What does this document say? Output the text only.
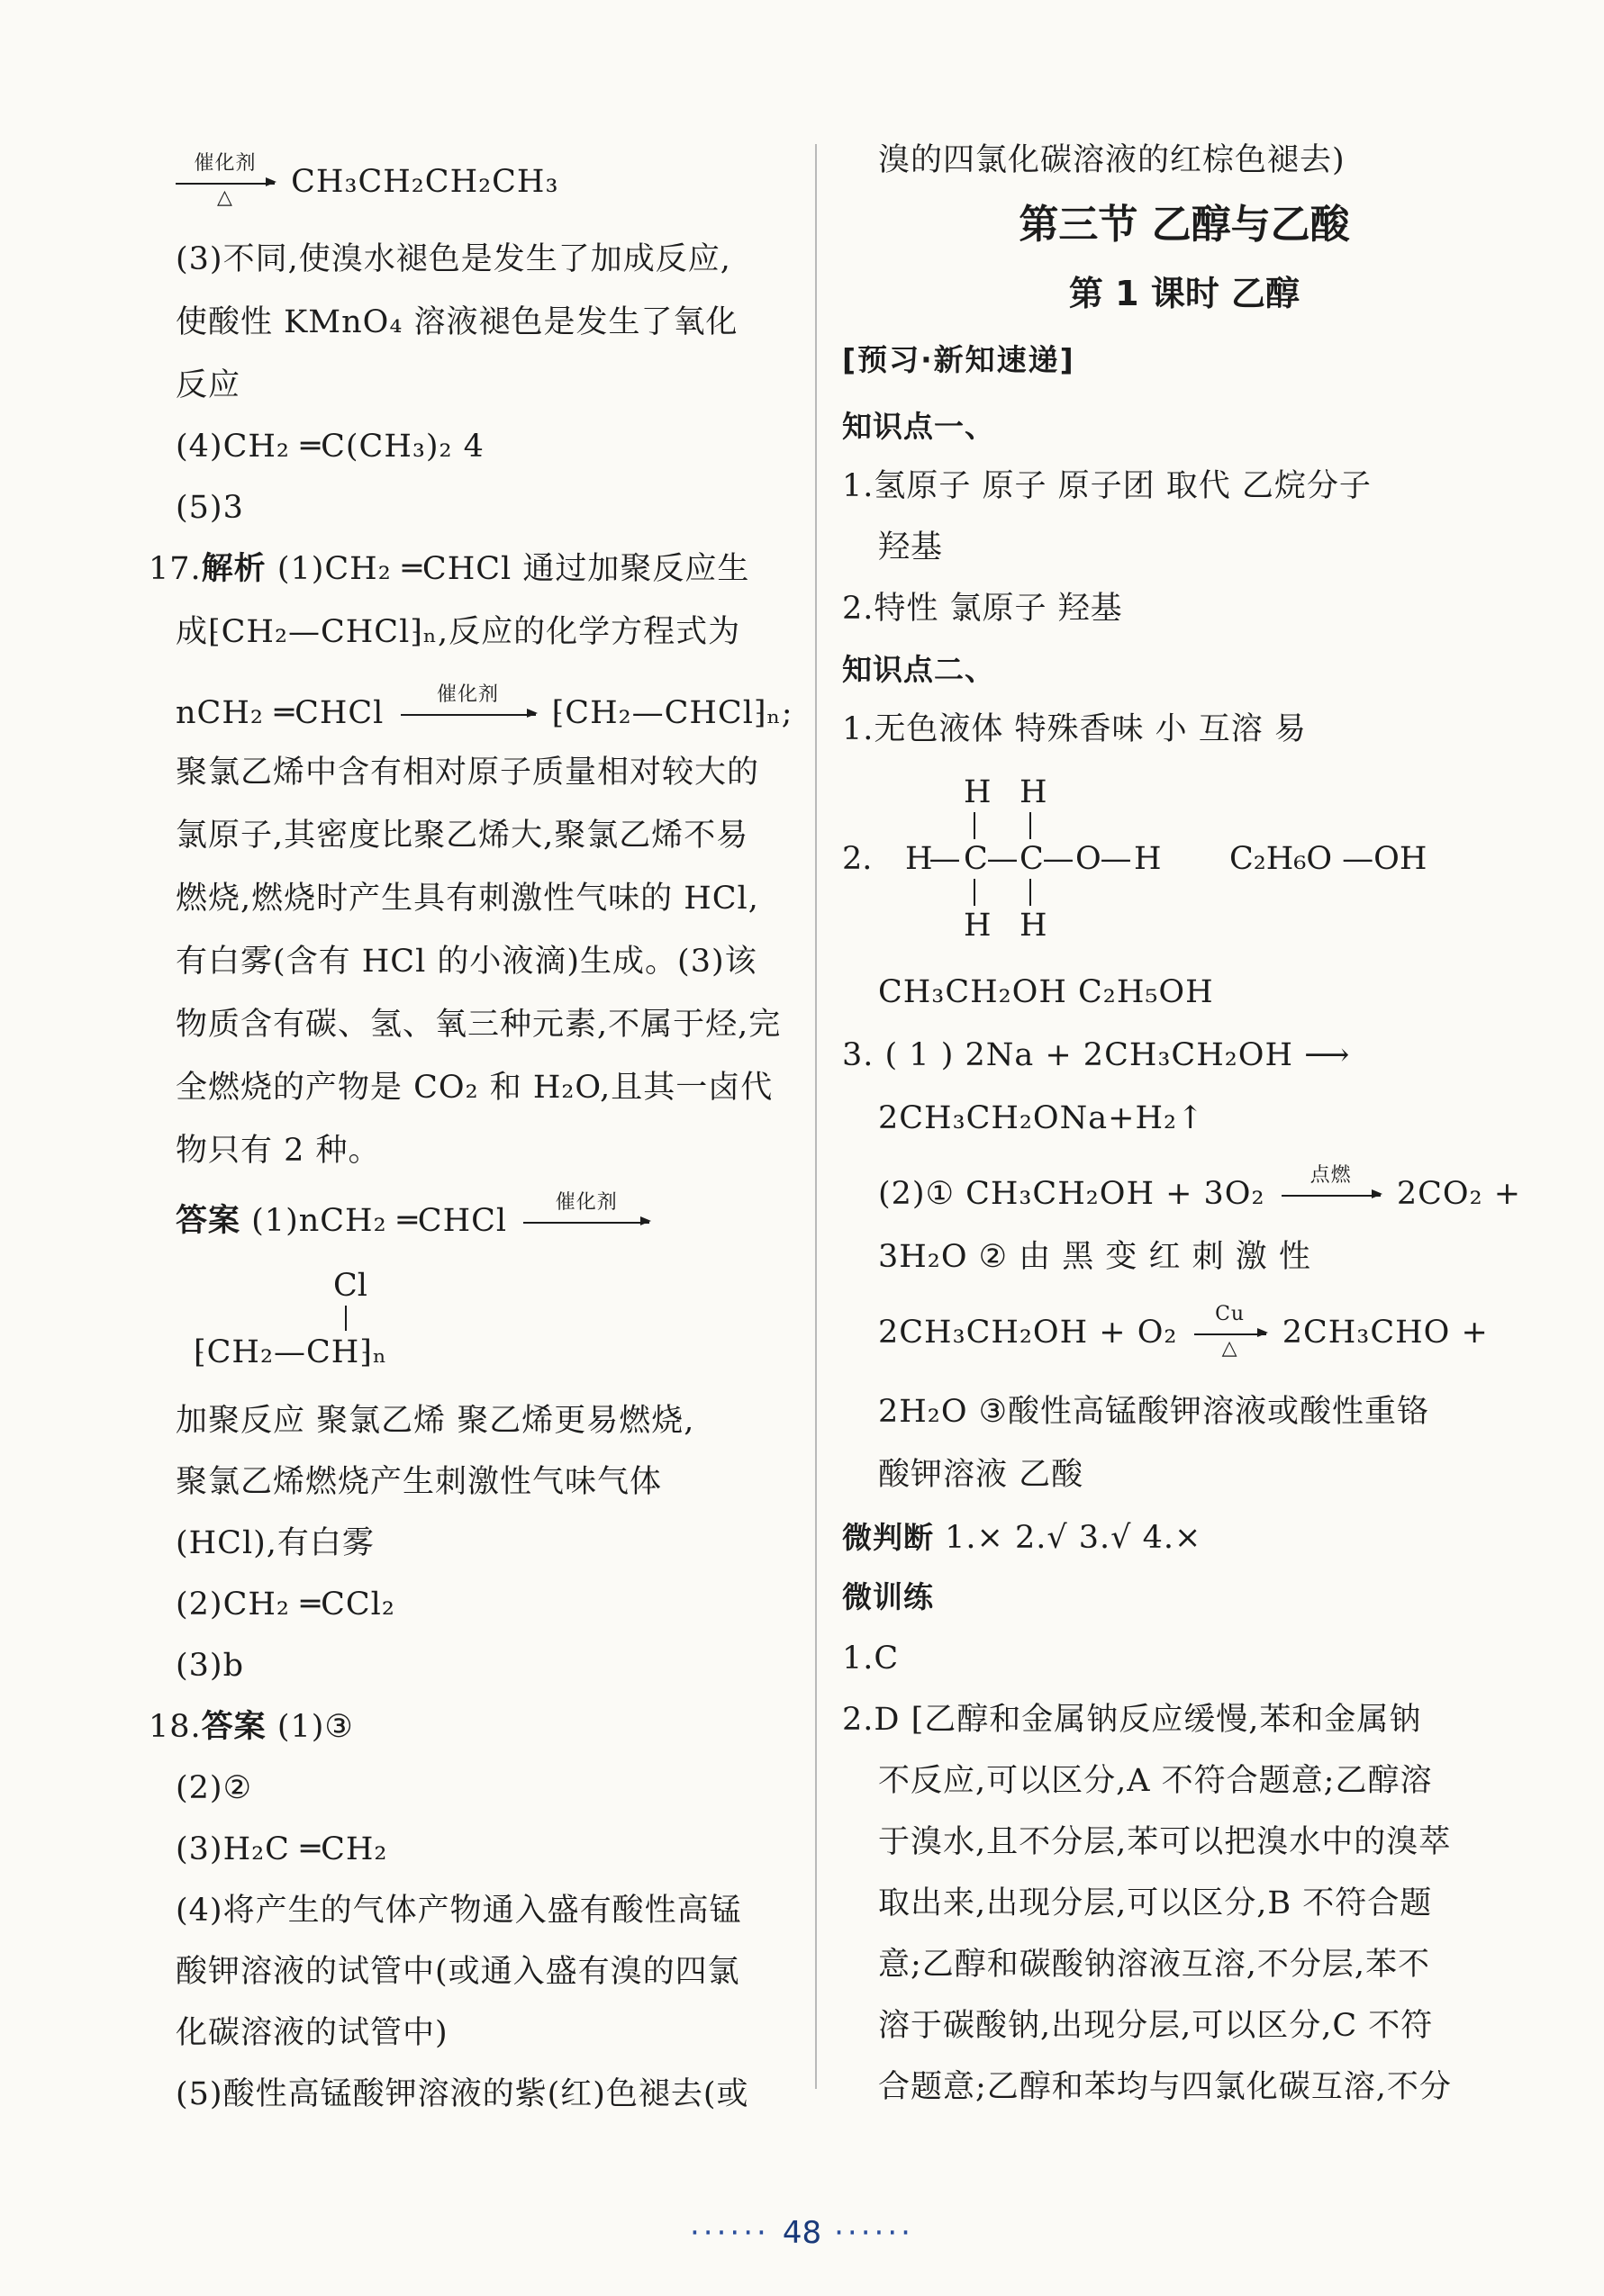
催化剂
△	CH₃CH₂CH₂CH₃
(3)不同,使溴水褪色是发生了加成反应,
使酸性 KMnO₄ 溶液褪色是发生了氧化
反应
(4)CH₂ ═C(CH₃)₂ 4
(5)3
17.解析 (1)CH₂ ═CHCl 通过加聚反应生
成⁅CH₂—CHCl⁆ₙ,反应的化学方程式为
nCH₂ ═CHCl
催化剂
⁅CH₂—CHCl⁆ₙ;
聚氯乙烯中含有相对原子质量相对较大的
氯原子,其密度比聚乙烯大,聚氯乙烯不易
燃烧,燃烧时产生具有刺激性气味的 HCl,
有白雾(含有 HCl 的小液滴)生成。(3)该
物质含有碳、氢、氧三种元素,不属于烃,完
全燃烧的产物是 CO₂ 和 H₂O,且其一卤代
物只有 2 种。
答案 (1)nCH₂ ═CHCl
催化剂
Cl
⁅CH₂—CH⁆ₙ
加聚反应 聚氯乙烯 聚乙烯更易燃烧,
聚氯乙烯燃烧产生刺激性气味气体
(HCl),有白雾
(2)CH₂ ═CCl₂
(3)b
18.答案 (1)③
(2)②
(3)H₂C ═CH₂
(4)将产生的气体产物通入盛有酸性高锰
酸钾溶液的试管中(或通入盛有溴的四氯
化碳溶液的试管中)
(5)酸性高锰酸钾溶液的紫(红)色褪去(或
溴的四氯化碳溶液的红棕色褪去)
第三节 乙醇与乙酸
第 1 课时 乙醇
[预习·新知速递]
知识点一、
1.氢原子 原子 原子团 取代 乙烷分子
羟基
2.特性 氯原子 羟基
知识点二、
1.无色液体 特殊香味 小 互溶 易
H H
2. H
— C
— C
— O
— H C₂H₆O —OH
H H
CH₃CH₂OH C₂H₅OH
3. ( 1 ) 2Na + 2CH₃CH₂OH ⟶
2CH₃CH₂ONa+H₂↑
(2)① CH₃CH₂OH + 3O₂
点燃
2CO₂ +
3H₂O ② 由 黑 变 红 刺 激 性
2CH₃CH₂OH + O₂
Cu
△	2CH₃CHO +
2H₂O ③酸性高锰酸钾溶液或酸性重铬
酸钾溶液 乙酸
微判断 1.× 2.√ 3.√ 4.×
微训练
1.C
2.D [乙醇和金属钠反应缓慢,苯和金属钠
不反应,可以区分,A 不符合题意;乙醇溶
于溴水,且不分层,苯可以把溴水中的溴萃
取出来,出现分层,可以区分,B 不符合题
意;乙醇和碳酸钠溶液互溶,不分层,苯不
溶于碳酸钠,出现分层,可以区分,C 不符
合题意;乙醇和苯均与四氯化碳互溶,不分
······ 48 ······
